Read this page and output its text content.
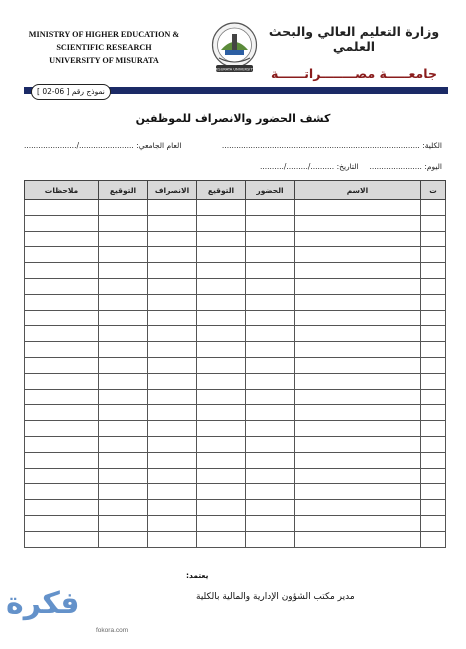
MINISTRY OF HIGHER EDUCATION &
SCIENTIFIC RESEARCH
UNIVERSITY OF MISURATA
MISURATA UNIVERSITY
وزارة التعليم العالي والبحث العلمي
جامعـــــة مصــــــــراتــــــة
نموذج رقم [ 06-02 ]
كشف الحضور والانصراف للموظفين
الكلية: ...................................................................................
العام الجامعي: ......................./......................
اليوم: ......................
التاريخ: ........../........./..........
ت	الاسم	الحضور	التوقيع	الانصراف	التوقيع	ملاحظات

يعتمد:
مدير مكتب الشؤون الإدارية والمالية بالكلية
فكرة
fokora.com
